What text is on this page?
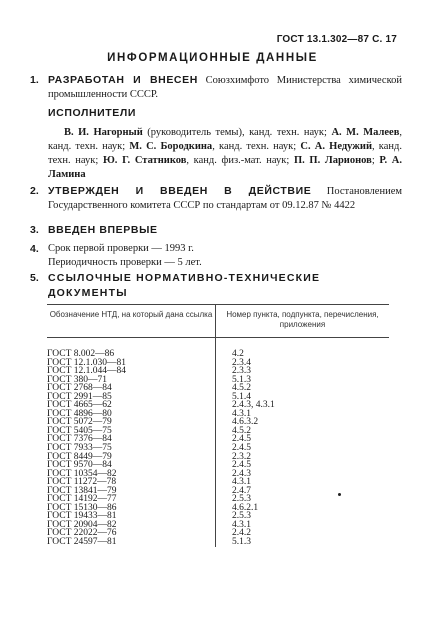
ГОСТ 13.1.302—87 С. 17
ИНФОРМАЦИОННЫЕ ДАННЫЕ
1. РАЗРАБОТАН И ВНЕСЕН Союзхимфото Министерства химической промышленности СССР.
ИСПОЛНИТЕЛИ
В. И. Нагорный (руководитель темы), канд. техн. наук; А. М. Малеев, канд. техн. наук; М. С. Бородкина, канд. техн. наук; С. А. Недужий, канд. техн. наук; Ю. Г. Статников, канд. физ.-мат. наук; П. П. Ларионов; Р. А. Ламина
2. УТВЕРЖДЕН И ВВЕДЕН В ДЕЙСТВИЕ Постановлением Государственного комитета СССР по стандартам от 09.12.87 № 4422
3. ВВЕДЕН ВПЕРВЫЕ
4. Срок первой проверки — 1993 г.
Периодичность проверки — 5 лет.
5. ССЫЛОЧНЫЕ НОРМАТИВНО-ТЕХНИЧЕСКИЕ ДОКУМЕНТЫ
Обозначение НТД, на который дана ссылка	Номер пункта, подпункта, перечисления, приложения
ГОСТ 8.002—86	4.2
ГОСТ 12.1.030—81	2.3.4
ГОСТ 12.1.044—84	2.3.3
ГОСТ 380—71	5.1.3
ГОСТ 2768—84	4.5.2
ГОСТ 2991—85	5.1.4
ГОСТ 4665—62	2.4.3, 4.3.1
ГОСТ 4896—80	4.3.1
ГОСТ 5072—79	4.6.3.2
ГОСТ 5405—75	4.5.2
ГОСТ 7376—84	2.4.5
ГОСТ 7933—75	2.4.5
ГОСТ 8449—79	2.3.2
ГОСТ 9570—84	2.4.5
ГОСТ 10354—82	2.4.3
ГОСТ 11272—78	4.3.1
ГОСТ 13841—79	2.4.7
ГОСТ 14192—77	2.5.3
ГОСТ 15130—86	4.6.2.1
ГОСТ 19433—81	2.5.3
ГОСТ 20904—82	4.3.1
ГОСТ 22022—76	2.4.2
ГОСТ 24597—81	5.1.3
